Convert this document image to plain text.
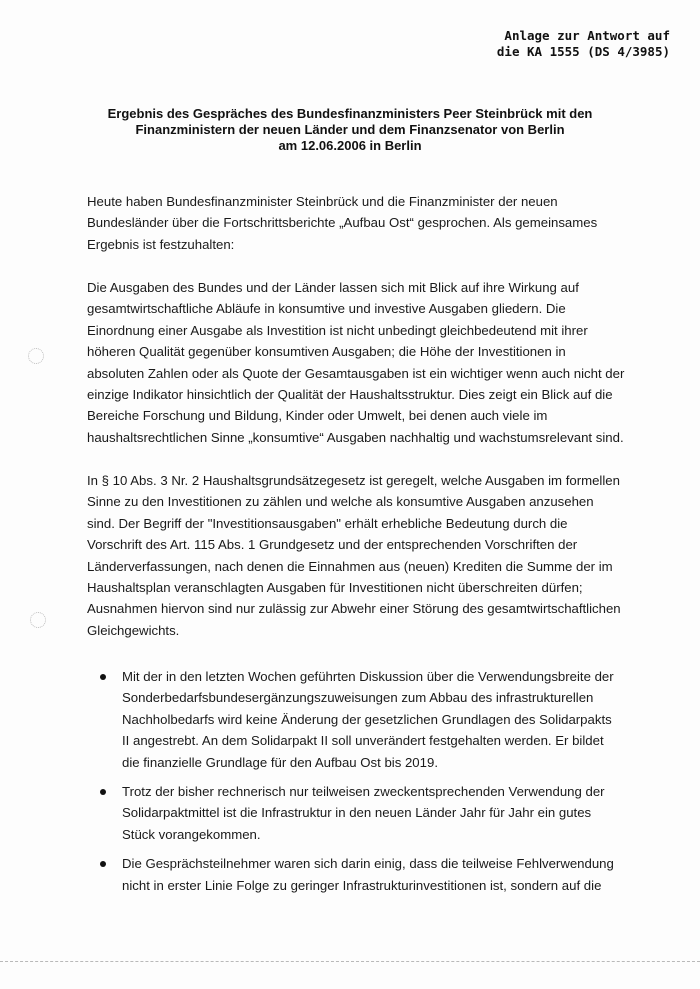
Anlage zur Antwort auf
die KA 1555 (DS 4/3985)
Ergebnis des Gespräches des Bundesfinanzministers Peer Steinbrück mit den
Finanzministern der neuen Länder und dem Finanzsenator von Berlin
am 12.06.2006 in Berlin
Heute haben Bundesfinanzminister Steinbrück und die Finanzminister der neuen
Bundesländer über die Fortschrittsberichte „Aufbau Ost“ gesprochen. Als gemeinsames
Ergebnis ist festzuhalten:
Die Ausgaben des Bundes und der Länder lassen sich mit Blick auf ihre Wirkung auf
gesamtwirtschaftliche Abläufe in konsumtive und investive Ausgaben gliedern. Die
Einordnung einer Ausgabe als Investition ist nicht unbedingt gleichbedeutend mit ihrer
höheren Qualität gegenüber konsumtiven Ausgaben; die Höhe der Investitionen in
absoluten Zahlen oder als Quote der Gesamtausgaben ist ein wichtiger wenn auch nicht der
einzige Indikator hinsichtlich der Qualität der Haushaltsstruktur. Dies zeigt ein Blick auf die
Bereiche Forschung und Bildung, Kinder oder Umwelt, bei denen auch viele im
haushaltsrechtlichen Sinne „konsumtive“ Ausgaben nachhaltig und wachstumsrelevant sind.
In § 10 Abs. 3 Nr. 2 Haushaltsgrundsätzegesetz ist geregelt, welche Ausgaben im formellen
Sinne zu den Investitionen zu zählen und welche als konsumtive Ausgaben anzusehen
sind. Der Begriff der "Investitionsausgaben" erhält erhebliche Bedeutung durch die
Vorschrift des Art. 115 Abs. 1 Grundgesetz und der entsprechenden Vorschriften der
Länderverfassungen, nach denen die Einnahmen aus (neuen) Krediten die Summe der im
Haushaltsplan veranschlagten Ausgaben für Investitionen nicht überschreiten dürfen;
Ausnahmen hiervon sind nur zulässig zur Abwehr einer Störung des gesamtwirtschaftlichen
Gleichgewichts.
Mit der in den letzten Wochen geführten Diskussion über die Verwendungsbreite der
Sonderbedarfsbundesergänzungszuweisungen zum Abbau des infrastrukturellen
Nachholbedarfs wird keine Änderung der gesetzlichen Grundlagen des Solidarpakts
II angestrebt. An dem Solidarpakt II soll unverändert festgehalten werden. Er bildet
die finanzielle Grundlage für den Aufbau Ost bis 2019.
Trotz der bisher rechnerisch nur teilweisen zweckentsprechenden Verwendung der
Solidarpaktmittel ist die Infrastruktur in den neuen Länder Jahr für Jahr ein gutes
Stück vorangekommen.
Die Gesprächsteilnehmer waren sich darin einig, dass die teilweise Fehlverwendung
nicht in erster Linie Folge zu geringer Infrastrukturinvestitionen ist, sondern auf die
